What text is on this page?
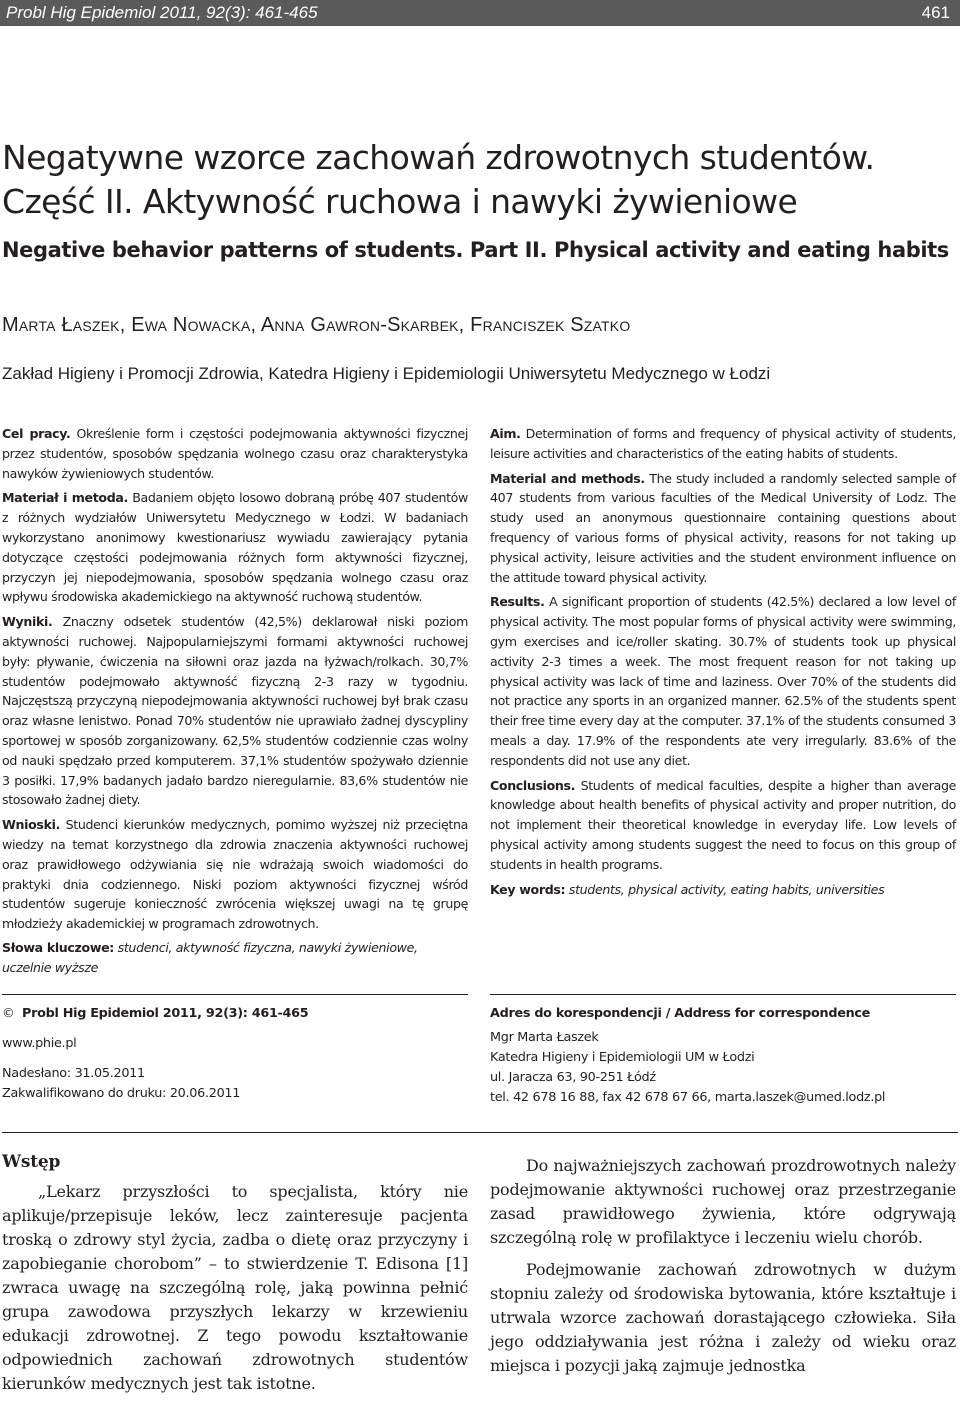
Probl Hig Epidemiol 2011, 92(3): 461-465	461
Negatywne wzorce zachowań zdrowotnych studentów.
Część II. Aktywność ruchowa i nawyki żywieniowe
Negative behavior patterns of students. Part II. Physical activity and eating habits
Marta Łaszek, Ewa Nowacka, Anna Gawron-Skarbek, Franciszek Szatko
Zakład Higieny i Promocji Zdrowia, Katedra Higieny i Epidemiologii Uniwersytetu Medycznego w Łodzi

Cel pracy. Określenie form i częstości podejmowania aktywności fizycznej przez studentów, sposobów spędzania wolnego czasu oraz charakterystyka nawyków żywieniowych studentów.

Materiał i metoda. Badaniem objęto losowo dobraną próbę 407 studentów z różnych wydziałów Uniwersytetu Medycznego w Łodzi. W badaniach wykorzystano anonimowy kwestionariusz wywiadu zawierający pytania dotyczące częstości podejmowania różnych form aktywności fizycznej, przyczyn jej niepodejmowania, sposobów spędzania wolnego czasu oraz wpływu środowiska akademickiego na aktywność ruchową studentów.

Wyniki. Znaczny odsetek studentów (42,5%) deklarował niski poziom aktywności ruchowej. Najpopularniejszymi formami aktywności ruchowej były: pływanie, ćwiczenia na siłowni oraz jazda na łyżwach/rolkach. 30,7% studentów podejmowało aktywność fizyczną 2-3 razy w tygodniu. Najczęstszą przyczyną niepodejmowania aktywności ruchowej był brak czasu oraz własne lenistwo. Ponad 70% studentów nie uprawiało żadnej dyscypliny sportowej w sposób zorganizowany. 62,5% studentów codziennie czas wolny od nauki spędzało przed komputerem. 37,1% studentów spożywało dziennie 3 posiłki. 17,9% badanych jadało bardzo nieregularnie. 83,6% studentów nie stosowało żadnej diety.

Wnioski. Studenci kierunków medycznych, pomimo wyższej niż przeciętna wiedzy na temat korzystnego dla zdrowia znaczenia aktywności ruchowej oraz prawidłowego odżywiania się nie wdrażają swoich wiadomości do praktyki dnia codziennego. Niski poziom aktywności fizycznej wśród studentów sugeruje konieczność zwrócenia większej uwagi na tę grupę młodzieży akademickiej w programach zdrowotnych.

Słowa kluczowe: studenci, aktywność fizyczna, nawyki żywieniowe, uczelnie wyższe

Aim. Determination of forms and frequency of physical activity of students, leisure activities and characteristics of the eating habits of students.

Material and methods. The study included a randomly selected sample of 407 students from various faculties of the Medical University of Lodz. The study used an anonymous questionnaire containing questions about frequency of various forms of physical activity, reasons for not taking up physical activity, leisure activities and the student environment influence on the attitude toward physical activity.

Results. A significant proportion of students (42.5%) declared a low level of physical activity. The most popular forms of physical activity were swimming, gym exercises and ice/roller skating. 30.7% of students took up physical activity 2-3 times a week. The most frequent reason for not taking up physical activity was lack of time and laziness. Over 70% of the students did not practice any sports in an organized manner. 62.5% of the students spent their free time every day at the computer. 37.1% of the students consumed 3 meals a day. 17.9% of the respondents ate very irregularly. 83.6% of the respondents did not use any diet.

Conclusions. Students of medical faculties, despite a higher than average knowledge about health benefits of physical activity and proper nutrition, do not implement their theoretical knowledge in everyday life. Low levels of physical activity among students suggest the need to focus on this group of students in health programs.

Key words: students, physical activity, eating habits, universities
© Probl Hig Epidemiol 2011, 92(3): 461-465
www.phie.pl
Nadesłano: 31.05.2011
Zakwalifikowano do druku: 20.06.2011
Adres do korespondencji / Address for correspondence
Mgr Marta Łaszek
Katedra Higieny i Epidemiologii UM w Łodzi
ul. Jaracza 63, 90-251 Łódź
tel. 42 678 16 88, fax 42 678 67 66, marta.laszek@umed.lodz.pl
Wstęp

„Lekarz przyszłości to specjalista, który nie aplikuje/przepisuje leków, lecz zainteresuje pacjenta troską o zdrowy styl życia, zadba o dietę oraz przyczyny i zapobieganie chorobom” – to stwierdzenie T. Edisona [1] zwraca uwagę na szczególną rolę, jaką powinna pełnić grupa zawodowa przyszłych lekarzy w krzewieniu edukacji zdrowotnej. Z tego powodu kształtowanie odpowiednich zachowań zdrowotnych studentów kierunków medycznych jest tak istotne.

Do najważniejszych zachowań prozdrowotnych należy podejmowanie aktywności ruchowej oraz przestrzeganie zasad prawidłowego żywienia, które odgrywają szczególną rolę w profilaktyce i leczeniu wielu chorób.

Podejmowanie zachowań zdrowotnych w dużym stopniu zależy od środowiska bytowania, które kształtuje i utrwala wzorce zachowań dorastającego człowieka. Siła jego oddziaływania jest różna i zależy od wieku oraz miejsca i pozycji jaką zajmuje jednostka
